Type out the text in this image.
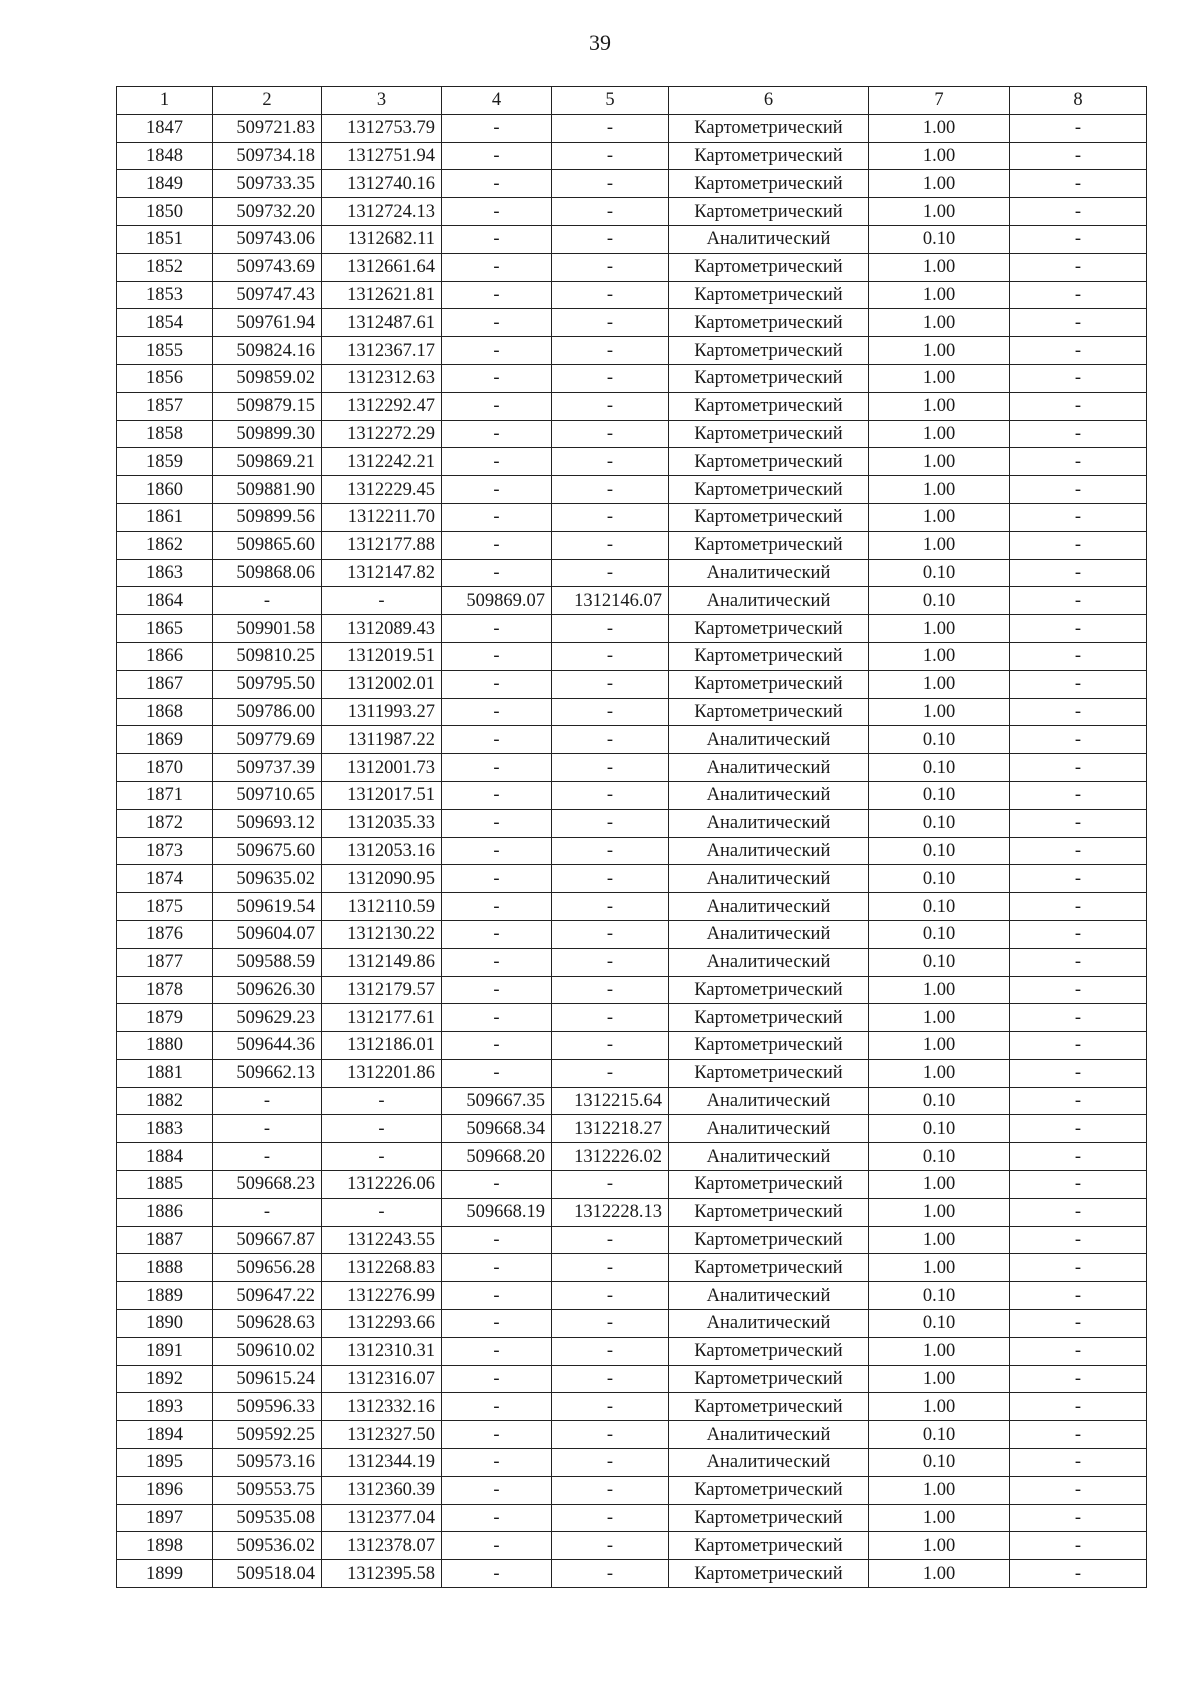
39
1	2	3	4	5	6	7	8
1847	509721.83	1312753.79	-	-	Картометрический	1.00	-
1848	509734.18	1312751.94	-	-	Картометрический	1.00	-
1849	509733.35	1312740.16	-	-	Картометрический	1.00	-
1850	509732.20	1312724.13	-	-	Картометрический	1.00	-
1851	509743.06	1312682.11	-	-	Аналитический	0.10	-
1852	509743.69	1312661.64	-	-	Картометрический	1.00	-
1853	509747.43	1312621.81	-	-	Картометрический	1.00	-
1854	509761.94	1312487.61	-	-	Картометрический	1.00	-
1855	509824.16	1312367.17	-	-	Картометрический	1.00	-
1856	509859.02	1312312.63	-	-	Картометрический	1.00	-
1857	509879.15	1312292.47	-	-	Картометрический	1.00	-
1858	509899.30	1312272.29	-	-	Картометрический	1.00	-
1859	509869.21	1312242.21	-	-	Картометрический	1.00	-
1860	509881.90	1312229.45	-	-	Картометрический	1.00	-
1861	509899.56	1312211.70	-	-	Картометрический	1.00	-
1862	509865.60	1312177.88	-	-	Картометрический	1.00	-
1863	509868.06	1312147.82	-	-	Аналитический	0.10	-
1864	-	-	509869.07	1312146.07	Аналитический	0.10	-
1865	509901.58	1312089.43	-	-	Картометрический	1.00	-
1866	509810.25	1312019.51	-	-	Картометрический	1.00	-
1867	509795.50	1312002.01	-	-	Картометрический	1.00	-
1868	509786.00	1311993.27	-	-	Картометрический	1.00	-
1869	509779.69	1311987.22	-	-	Аналитический	0.10	-
1870	509737.39	1312001.73	-	-	Аналитический	0.10	-
1871	509710.65	1312017.51	-	-	Аналитический	0.10	-
1872	509693.12	1312035.33	-	-	Аналитический	0.10	-
1873	509675.60	1312053.16	-	-	Аналитический	0.10	-
1874	509635.02	1312090.95	-	-	Аналитический	0.10	-
1875	509619.54	1312110.59	-	-	Аналитический	0.10	-
1876	509604.07	1312130.22	-	-	Аналитический	0.10	-
1877	509588.59	1312149.86	-	-	Аналитический	0.10	-
1878	509626.30	1312179.57	-	-	Картометрический	1.00	-
1879	509629.23	1312177.61	-	-	Картометрический	1.00	-
1880	509644.36	1312186.01	-	-	Картометрический	1.00	-
1881	509662.13	1312201.86	-	-	Картометрический	1.00	-
1882	-	-	509667.35	1312215.64	Аналитический	0.10	-
1883	-	-	509668.34	1312218.27	Аналитический	0.10	-
1884	-	-	509668.20	1312226.02	Аналитический	0.10	-
1885	509668.23	1312226.06	-	-	Картометрический	1.00	-
1886	-	-	509668.19	1312228.13	Картометрический	1.00	-
1887	509667.87	1312243.55	-	-	Картометрический	1.00	-
1888	509656.28	1312268.83	-	-	Картометрический	1.00	-
1889	509647.22	1312276.99	-	-	Аналитический	0.10	-
1890	509628.63	1312293.66	-	-	Аналитический	0.10	-
1891	509610.02	1312310.31	-	-	Картометрический	1.00	-
1892	509615.24	1312316.07	-	-	Картометрический	1.00	-
1893	509596.33	1312332.16	-	-	Картометрический	1.00	-
1894	509592.25	1312327.50	-	-	Аналитический	0.10	-
1895	509573.16	1312344.19	-	-	Аналитический	0.10	-
1896	509553.75	1312360.39	-	-	Картометрический	1.00	-
1897	509535.08	1312377.04	-	-	Картометрический	1.00	-
1898	509536.02	1312378.07	-	-	Картометрический	1.00	-
1899	509518.04	1312395.58	-	-	Картометрический	1.00	-
